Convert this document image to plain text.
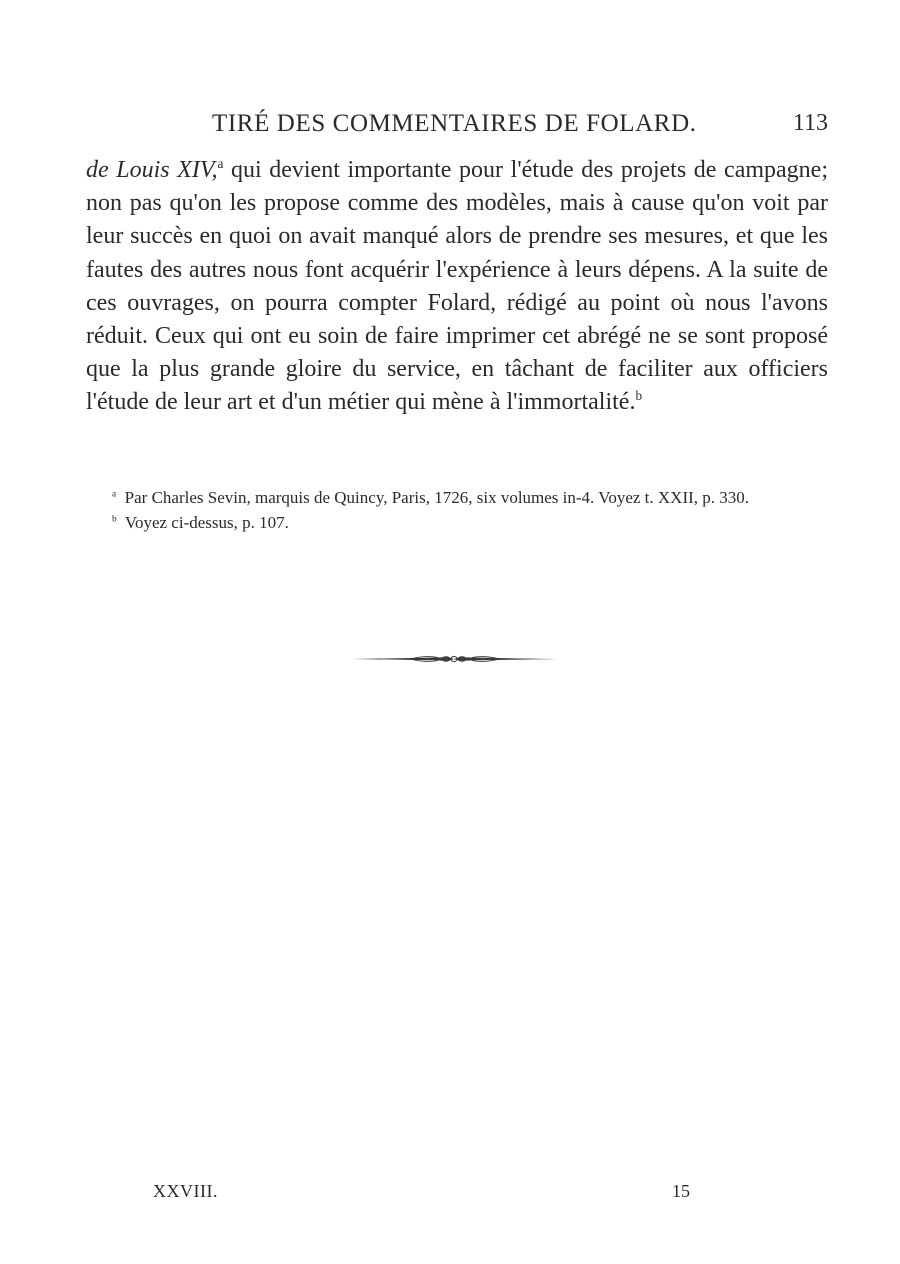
TIRÉ DES COMMENTAIRES DE FOLARD.	113

de Louis XIV,$^a$ qui devient importante pour l'étude des projets de campagne; non pas qu'on les propose comme des modèles, mais à cause qu'on voit par leur succès en quoi on avait manqué alors de prendre ses mesures, et que les fautes des autres nous font acquérir l'expérience à leurs dépens. A la suite de ces ouvrages, on pourra compter Folard, rédigé au point où nous l'avons réduit. Ceux qui ont eu soin de faire imprimer cet abrégé ne se sont proposé que la plus grande gloire du service, en tâchant de faciliter aux officiers l'étude de leur art et d'un métier qui mène à l'immortalité.$^b$

$^a$ Par Charles Sevin, marquis de Quincy, Paris, 1726, six volumes in-4. Voyez t. XXII, p. 330.

$^b$ Voyez ci-dessus, p. 107.

XXVIII.	15
